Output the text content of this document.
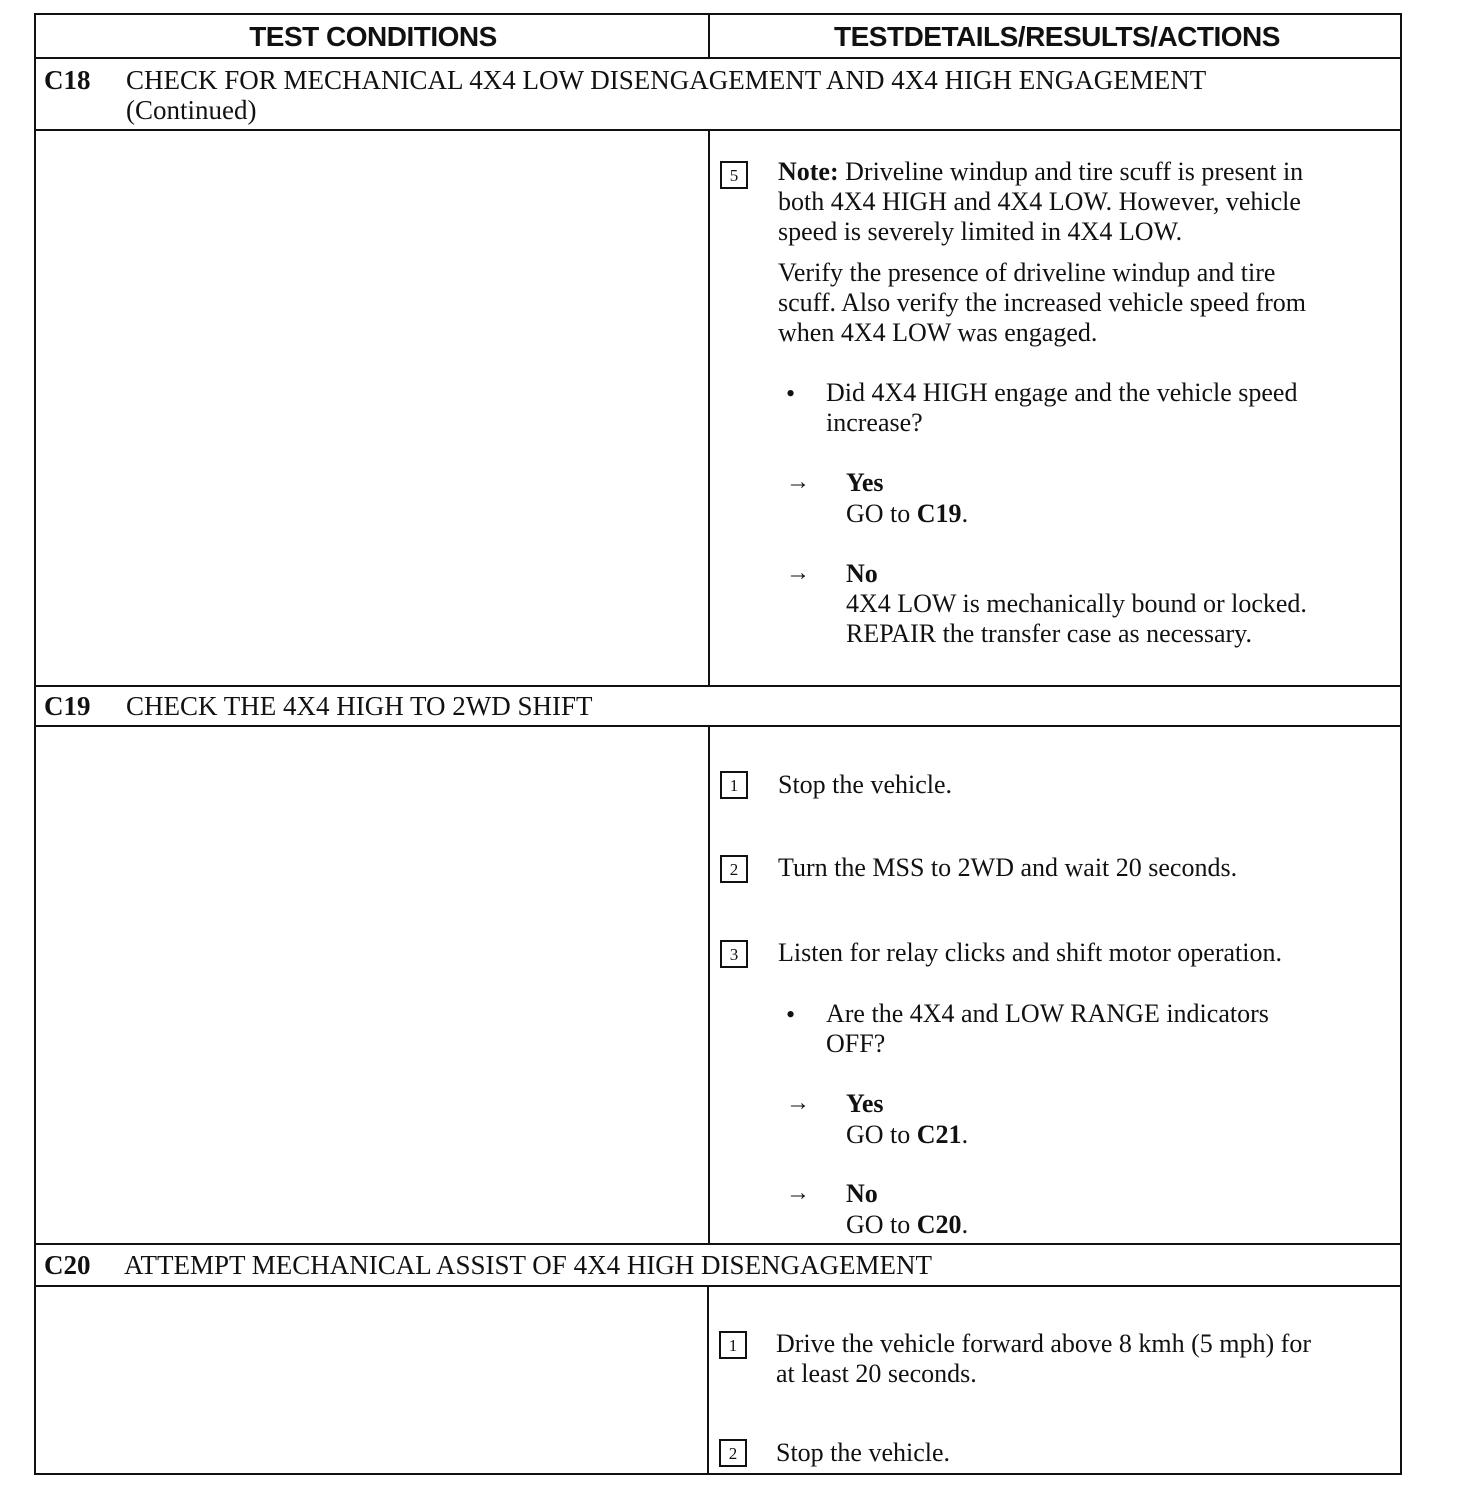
TEST CONDITIONS	TESTDETAILS/RESULTS/ACTIONS
C18 CHECK FOR MECHANICAL 4X4 LOW DISENGAGEMENT AND 4X4 HIGH ENGAGEMENT
(Continued)
5	Note: Driveline windup and tire scuff is present in
both 4X4 HIGH and 4X4 LOW. However, vehicle
speed is severely limited in 4X4 LOW.
Verify the presence of driveline windup and tire
scuff. Also verify the increased vehicle speed from
when 4X4 LOW was engaged.
• Did 4X4 HIGH engage and the vehicle speed
increase?
→ Yes
GO to C19.
→ No
4X4 LOW is mechanically bound or locked.
REPAIR the transfer case as necessary.
C19 CHECK THE 4X4 HIGH TO 2WD SHIFT
1	Stop the vehicle.
2	Turn the MSS to 2WD and wait 20 seconds.
3	Listen for relay clicks and shift motor operation.
• Are the 4X4 and LOW RANGE indicators
OFF?
→ Yes
GO to C21.
→ No
GO to C20.
C20 ATTEMPT MECHANICAL ASSIST OF 4X4 HIGH DISENGAGEMENT
1	Drive the vehicle forward above 8 kmh (5 mph) for
at least 20 seconds.
2	Stop the vehicle.
